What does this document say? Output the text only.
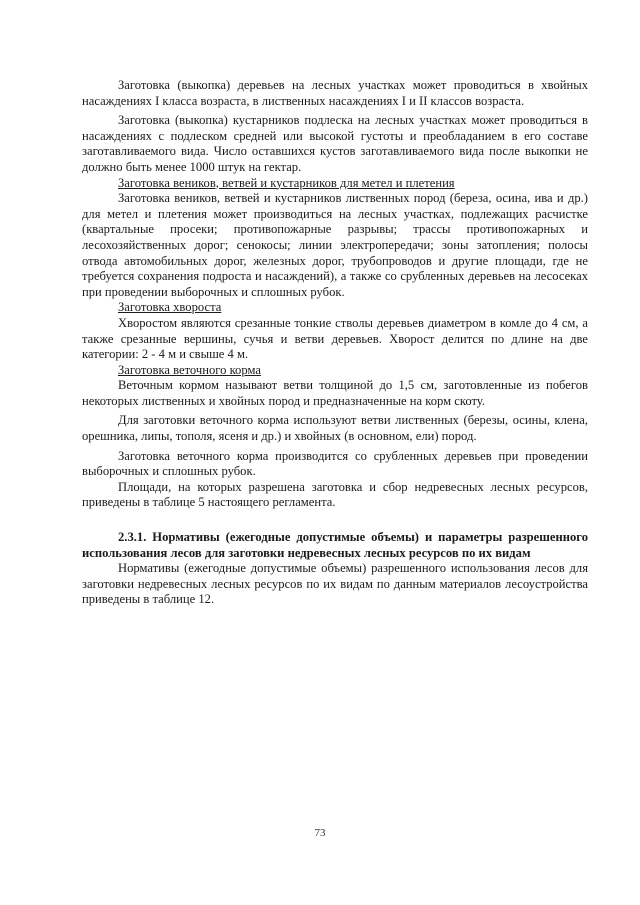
Заготовка (выкопка) деревьев на лесных участках может проводиться в хвойных насаждениях I класса возраста, в лиственных насаждениях I и II классов возраста.

Заготовка (выкопка) кустарников подлеска на лесных участках может проводиться в насаждениях с подлеском средней или высокой густоты и преобладанием в его составе заготавливаемого вида. Число оставшихся кустов заготавливаемого вида после выкопки не должно быть менее 1000 штук на гектар.

Заготовка веников, ветвей и кустарников для метел и плетения

Заготовка веников, ветвей и кустарников лиственных пород (береза, осина, ива и др.) для метел и плетения может производиться на лесных участках, подлежащих расчистке (квартальные просеки; противопожарные разрывы; трассы противопожарных и лесохозяйственных дорог; сенокосы; линии электропередачи; зоны затопления; полосы отвода автомобильных дорог, железных дорог, трубопроводов и другие площади, где не требуется сохранения подроста и насаждений), а также со срубленных деревьев на лесосеках при проведении выборочных и сплошных рубок.

Заготовка хвороста

Хворостом являются срезанные тонкие стволы деревьев диаметром в комле до 4 см, а также срезанные вершины, сучья и ветви деревьев. Хворост делится по длине на две категории: 2 - 4 м и свыше 4 м.

Заготовка веточного корма

Веточным кормом называют ветви толщиной до 1,5 см, заготовленные из побегов некоторых лиственных и хвойных пород и предназначенные на корм скоту.

Для заготовки веточного корма используют ветви лиственных (березы, осины, клена, орешника, липы, тополя, ясеня и др.) и хвойных (в основном, ели) пород.

Заготовка веточного корма производится со срубленных деревьев при проведении выборочных и сплошных рубок.

Площади, на которых разрешена заготовка и сбор недревесных лесных ресурсов, приведены в таблице 5 настоящего регламента.

2.3.1. Нормативы (ежегодные допустимые объемы) и параметры разрешенного использования лесов для заготовки недревесных лесных ресурсов по их видам

Нормативы (ежегодные допустимые объемы) разрешенного использования лесов для заготовки недревесных лесных ресурсов по их видам по данным материалов лесоустройства приведены в таблице 12.

73
